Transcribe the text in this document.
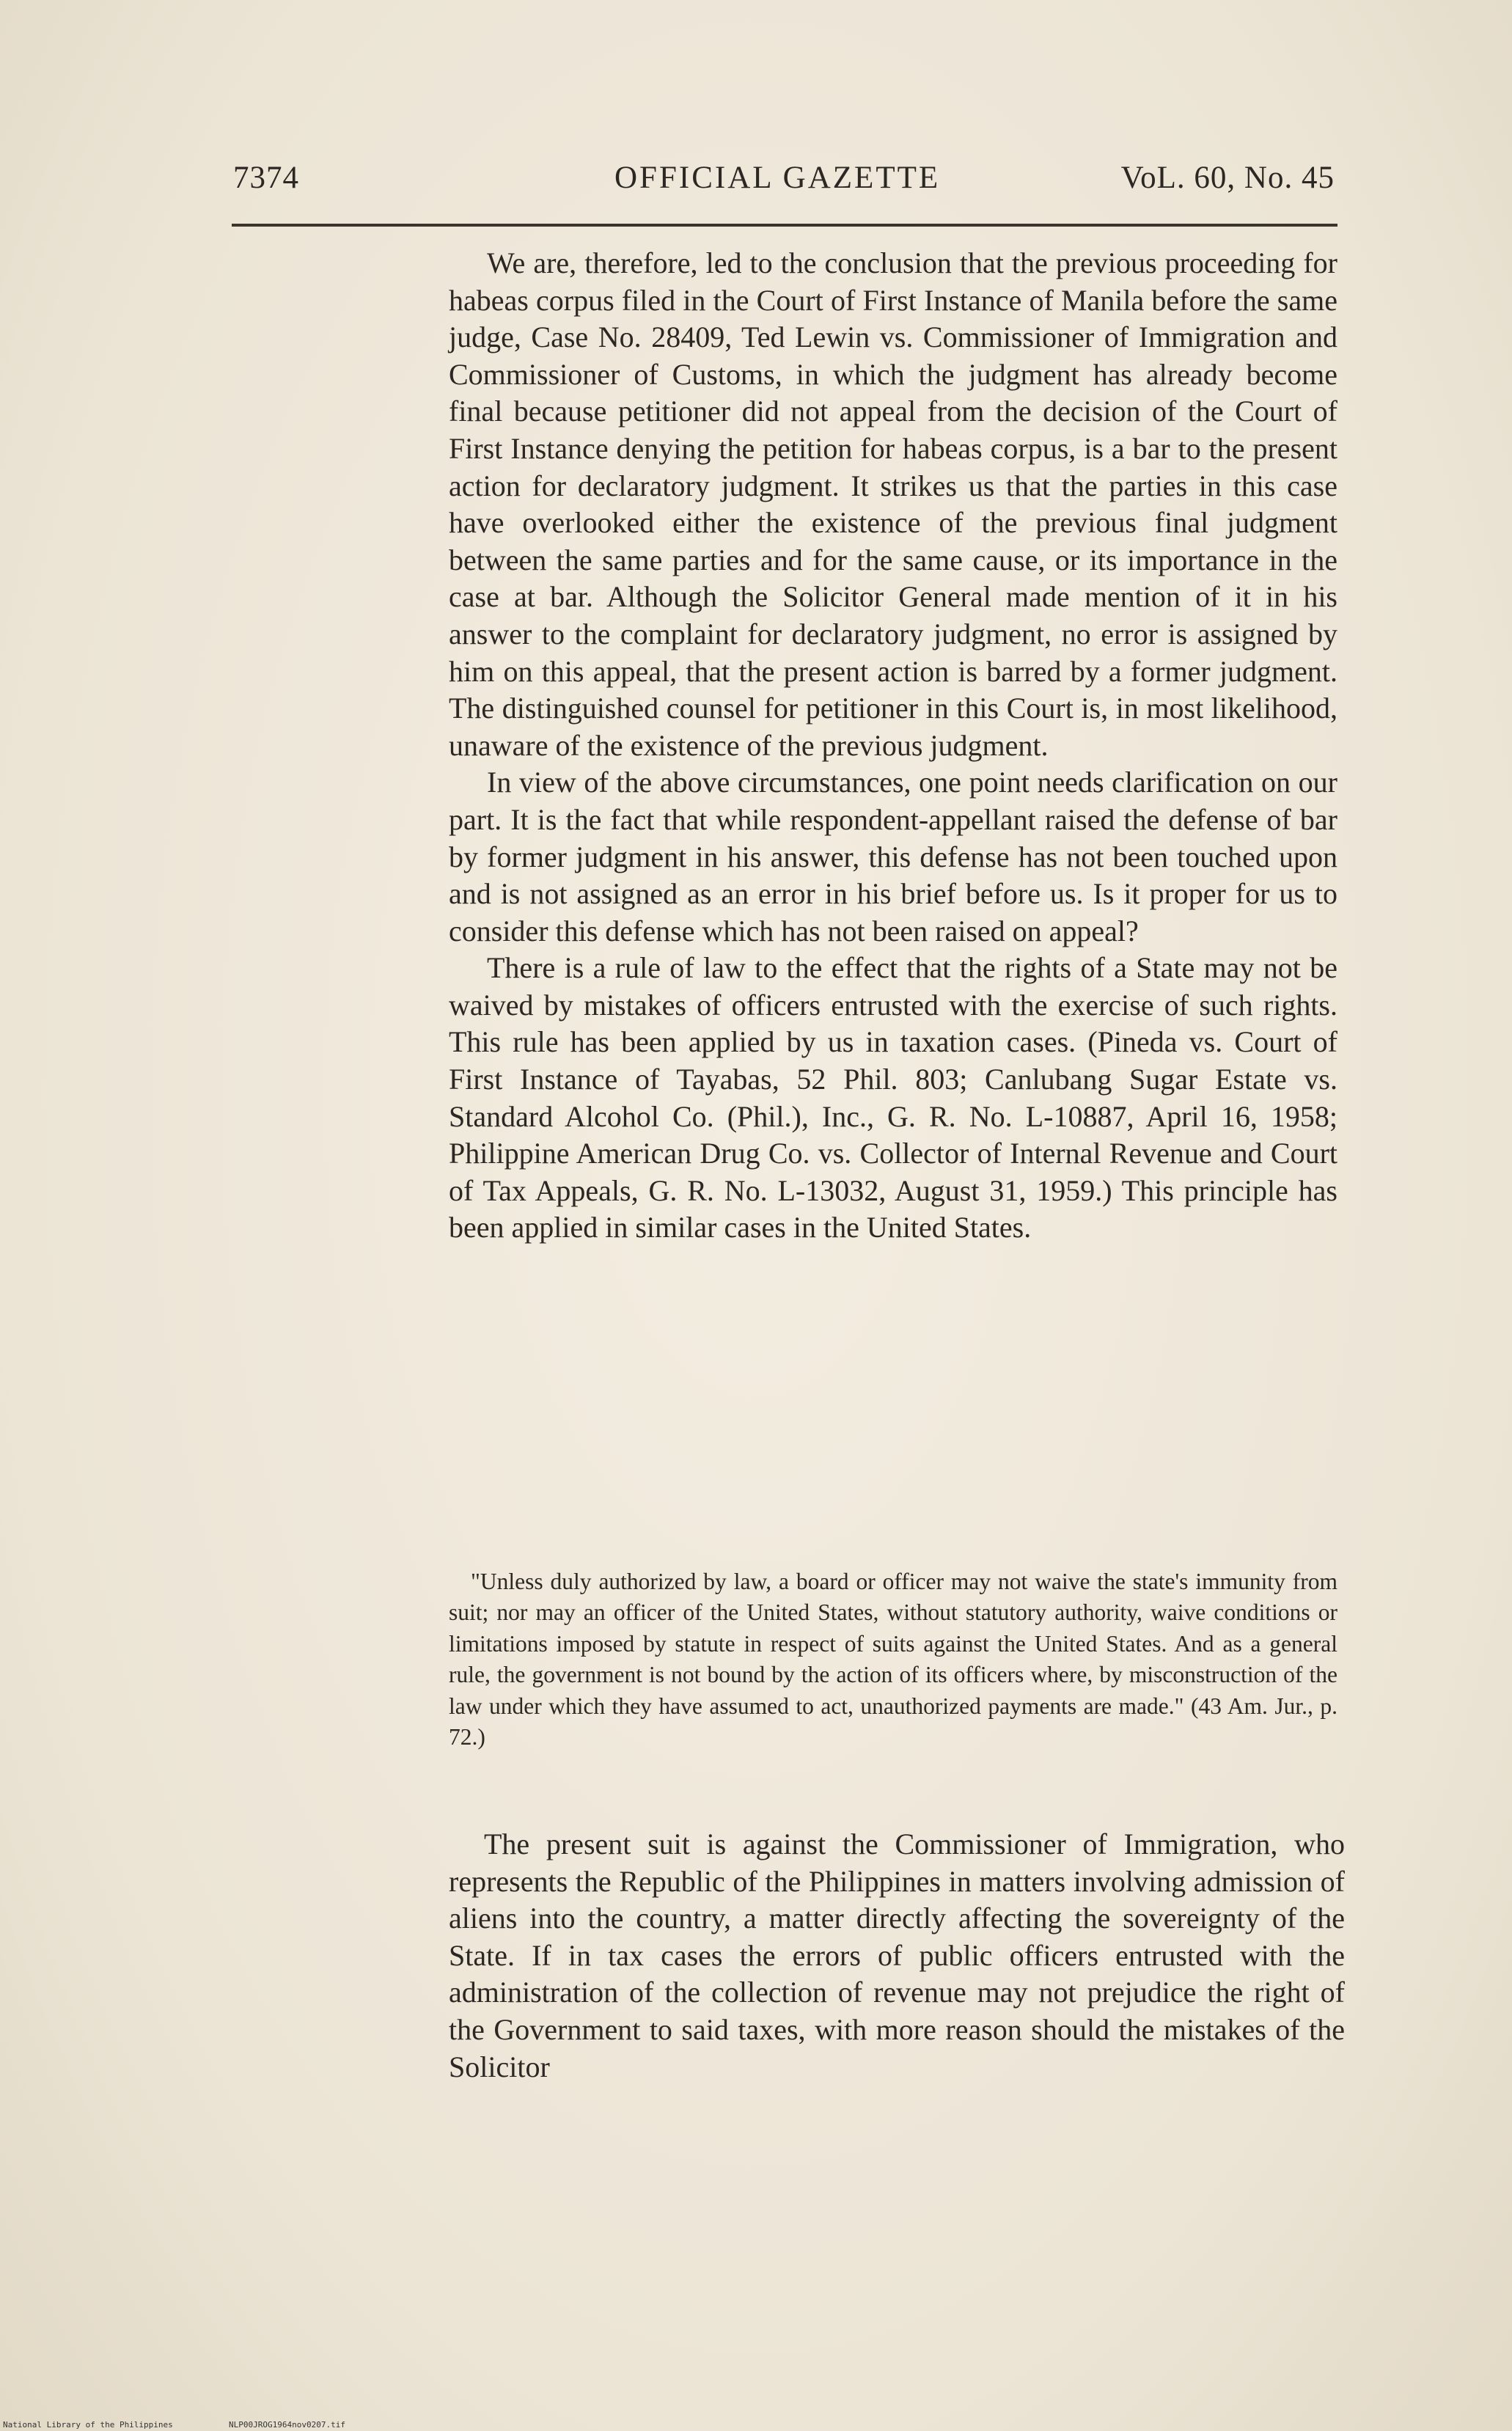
7374	OFFICIAL GAZETTE	VoL. 60, No. 45

We are, therefore, led to the conclusion that the previous proceeding for habeas corpus filed in the Court of First Instance of Manila before the same judge, Case No. 28409, Ted Lewin vs. Commissioner of Immigration and Commissioner of Customs, in which the judgment has already become final because petitioner did not appeal from the decision of the Court of First Instance denying the petition for habeas corpus, is a bar to the present action for declaratory judgment. It strikes us that the parties in this case have overlooked either the existence of the previous final judgment between the same parties and for the same cause, or its importance in the case at bar. Although the Solicitor General made mention of it in his answer to the complaint for declaratory judgment, no error is assigned by him on this appeal, that the present action is barred by a former judgment. The distinguished counsel for petitioner in this Court is, in most likelihood, unaware of the existence of the previous judgment.

In view of the above circumstances, one point needs clarification on our part. It is the fact that while respondent-appellant raised the defense of bar by former judgment in his answer, this defense has not been touched upon and is not assigned as an error in his brief before us. Is it proper for us to consider this defense which has not been raised on appeal?

There is a rule of law to the effect that the rights of a State may not be waived by mistakes of officers entrusted with the exercise of such rights. This rule has been applied by us in taxation cases. (Pineda vs. Court of First Instance of Tayabas, 52 Phil. 803; Canlubang Sugar Estate vs. Standard Alcohol Co. (Phil.), Inc., G. R. No. L-10887, April 16, 1958; Philippine American Drug Co. vs. Collector of Internal Revenue and Court of Tax Appeals, G. R. No. L-13032, August 31, 1959.) This principle has been applied in similar cases in the United States.

"Unless duly authorized by law, a board or officer may not waive the state's immunity from suit; nor may an officer of the United States, without statutory authority, waive conditions or limitations imposed by statute in respect of suits against the United States. And as a general rule, the government is not bound by the action of its officers where, by misconstruction of the law under which they have assumed to act, unauthorized payments are made." (43 Am. Jur., p. 72.)

The present suit is against the Commissioner of Immigration, who represents the Republic of the Philippines in matters involving admission of aliens into the country, a matter directly affecting the sovereignty of the State. If in tax cases the errors of public officers entrusted with the administration of the collection of revenue may not prejudice the right of the Government to said taxes, with more reason should the mistakes of the Solicitor

National Library of the Philippines	NLP00JROG1964nov0207.tif
